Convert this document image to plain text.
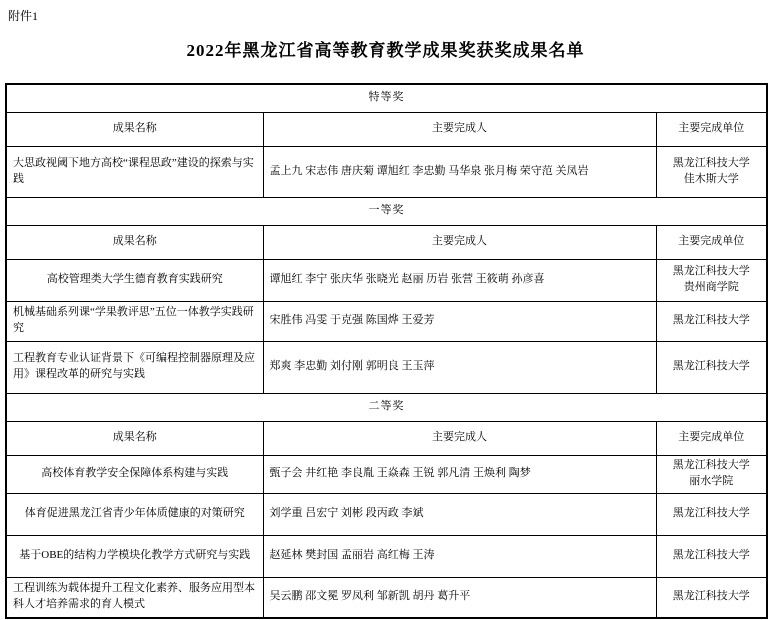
附件1
2022年黑龙江省高等教育教学成果奖获奖成果名单
特等奖		
成果名称	主要完成人	主要完成单位
大思政视阈下地方高校“课程思政”建设的探索与实践	孟上九 宋志伟 唐庆菊 谭旭红 李忠勤 马华泉 张月梅 荣守范 关凤岩	黑龙江科技大学
佳木斯大学

一等奖		
成果名称	主要完成人	主要完成单位
高校管理类大学生德育教育实践研究	谭旭红 李宁 张庆华 张晓光 赵丽 历岩 张营 王筱萌 孙彦喜	黑龙江科技大学
贵州商学院

机械基础系列课“学果教评思”五位一体教学实践研究	宋胜伟 冯雯 于克强 陈国烨 王爱芳	黑龙江科技大学

工程教育专业认证背景下《可编程控制器原理及应用》课程改革的研究与实践	郑爽 李忠勤 刘付刚 郭明良 王玉萍	黑龙江科技大学

二等奖		
成果名称	主要完成人	主要完成单位
高校体育教学安全保障体系构建与实践	甄子会 井红艳 李良胤 王焱森 王锐 郭凡清 王焕利 陶梦	黑龙江科技大学
丽水学院

体育促进黑龙江省青少年体质健康的对策研究	刘学重 吕宏宁 刘彬 段丙政 李斌	黑龙江科技大学

基于OBE的结构力学模块化教学方式研究与实践	赵延林 樊封国 孟丽岩 高红梅 王涛	黑龙江科技大学

工程训练为载体提升工程文化素养、服务应用型本科人才培养需求的育人模式	吴云鹏 邵文冕 罗凤利 邹新凯 胡丹 葛升平	黑龙江科技大学
